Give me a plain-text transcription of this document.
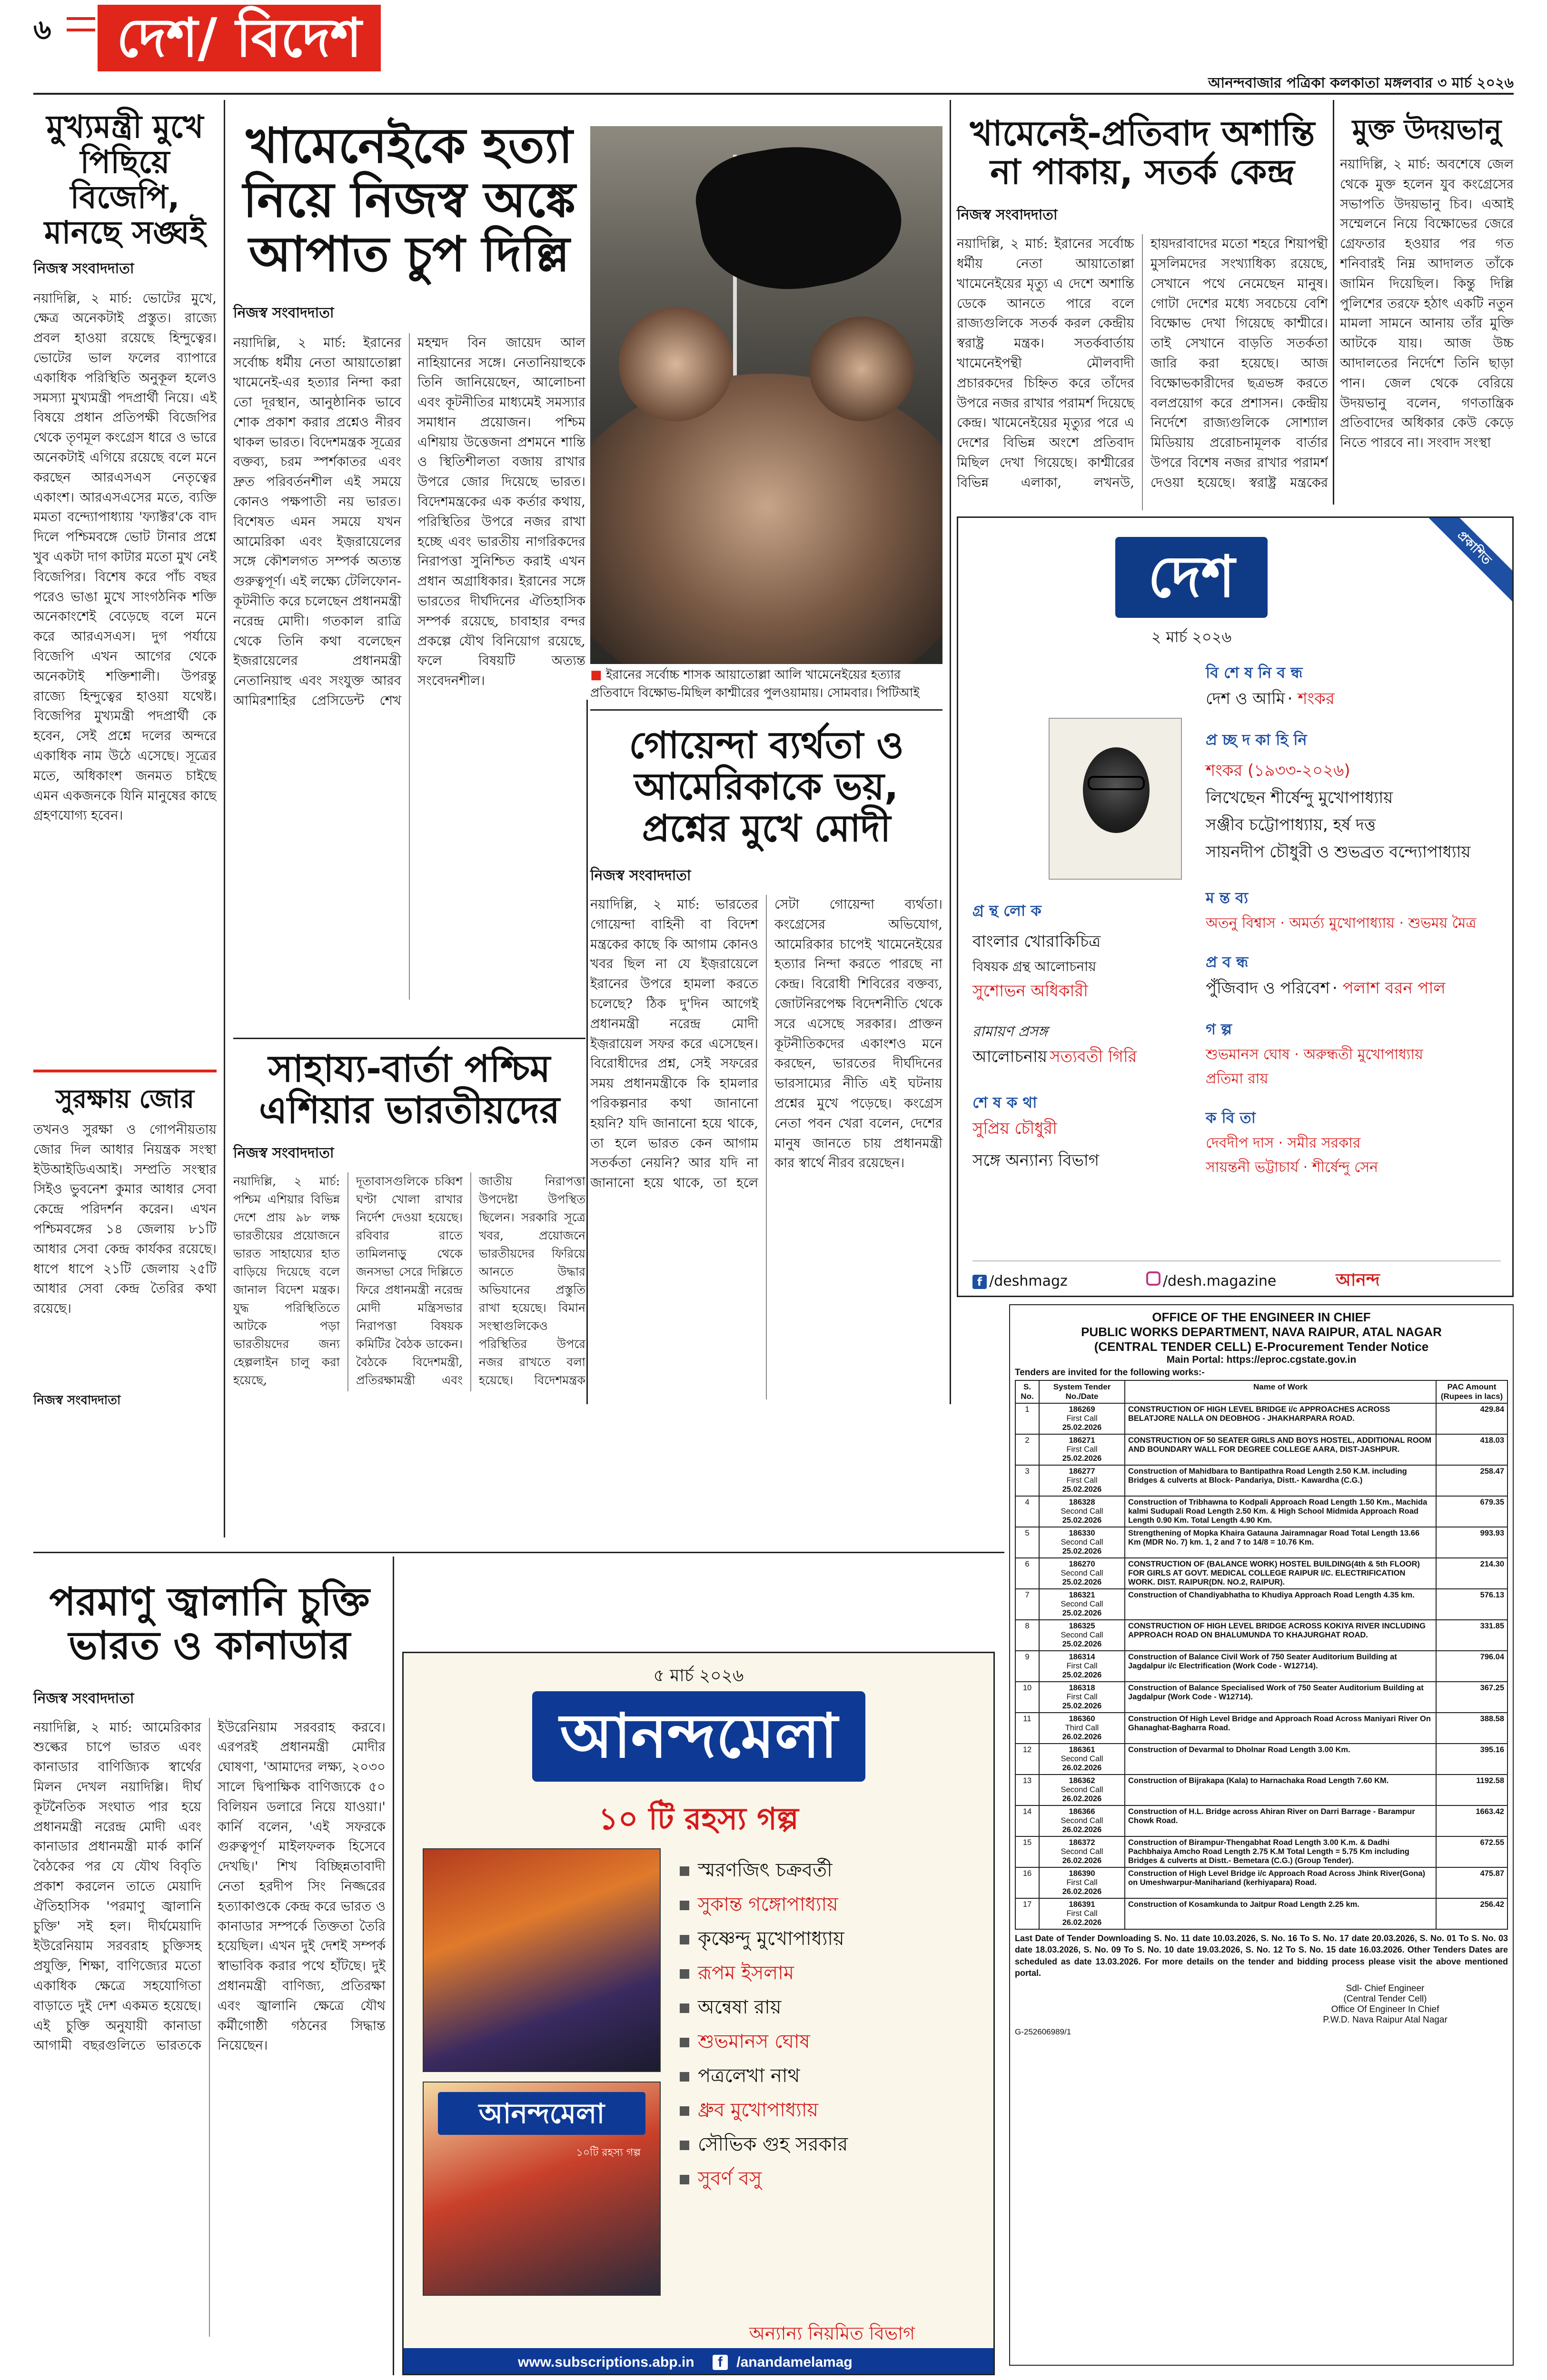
৬	দেশ/ বিদেশ
আনন্দবাজার পত্রিকা কলকাতা মঙ্গলবার ৩ মার্চ ২০২৬
মুখ্যমন্ত্রী মুখে পিছিয়ে বিজেপি, মানছে সঙ্ঘই
নিজস্ব সংবাদদাতা
নয়াদিল্লি, ২ মার্চ: ভোটের মুখে, ক্ষেত্র অনেকটাই প্রস্তুত। রাজ্যে প্রবল হাওয়া রয়েছে হিন্দুত্বের। ভোটের ভাল ফলের ব্যাপারে একাধিক পরিস্থিতি অনুকূল হলেও সমস্যা মুখ্যমন্ত্রী পদপ্রার্থী নিয়ে। এই বিষয়ে প্রধান প্রতিপক্ষী বিজেপির থেকে তৃণমূল কংগ্রেস ধারে ও ভারে অনেকটাই এগিয়ে রয়েছে বলে মনে করছেন আরএসএস নেতৃত্বের একাংশ। আরএসএসের মতে, ব্যক্তি মমতা বন্দ্যোপাধ্যায় 'ফ্যাক্টর'কে বাদ দিলে পশ্চিমবঙ্গে ভোট টানার প্রশ্নে খুব একটা দাগ কাটার মতো মুখ নেই বিজেপির। বিশেষ করে পাঁচ বছর পরেও ভাঙা মুখে সাংগঠনিক শক্তি অনেকাংশেই বেড়েছে বলে মনে করে আরএসএস। দুগ পর্যায়ে বিজেপি এখন আগের থেকে অনেকটাই শক্তিশালী। উপরন্তু রাজ্যে হিন্দুত্বের হাওয়া যথেষ্ট। বিজেপির মুখ্যমন্ত্রী পদপ্রার্থী কে হবেন, সেই প্রশ্নে দলের অন্দরে একাধিক নাম উঠে এসেছে। সূত্রের মতে, অধিকাংশ জনমত চাইছে এমন একজনকে যিনি মানুষের কাছে গ্রহণযোগ্য হবেন।
সুরক্ষায় জোর
তখনও সুরক্ষা ও গোপনীয়তায় জোর দিল আধার নিয়ন্ত্রক সংস্থা ইউআইডিএআই। সম্প্রতি সংস্থার সিইও ভুবনেশ কুমার আধার সেবা কেন্দ্রে পরিদর্শন করেন। এখন পশ্চিমবঙ্গের ১৪ জেলায় ৮১টি আধার সেবা কেন্দ্র কার্যকর রয়েছে। ধাপে ধাপে ২১টি জেলায় ২৫টি আধার সেবা কেন্দ্র তৈরির কথা রয়েছে।
নিজস্ব সংবাদদাতা
খামেনেইকে হত্যা নিয়ে নিজস্ব অঙ্কে আপাত চুপ দিল্লি
নিজস্ব সংবাদদাতা
নয়াদিল্লি, ২ মার্চ: ইরানের সর্বোচ্চ ধর্মীয় নেতা আয়াতোল্লা খামেনেই-এর হত্যার নিন্দা করা তো দূরস্থান, আনুষ্ঠানিক ভাবে শোক প্রকাশ করার প্রশ্নেও নীরব থাকল ভারত। বিদেশমন্ত্রক সূত্রের বক্তব্য, চরম স্পর্শকাতর এবং দ্রুত পরিবর্তনশীল এই সময়ে কোনও পক্ষপাতী নয় ভারত। বিশেষত এমন সময়ে যখন আমেরিকা এবং ইজ়রায়েলের সঙ্গে কৌশলগত সম্পর্ক অত্যন্ত গুরুত্বপূর্ণ। এই লক্ষ্যে টেলিফোন-কূটনীতি করে চলেছেন প্রধানমন্ত্রী নরেন্দ্র মোদী। গতকাল রাত্রি থেকে তিনি কথা বলেছেন ইজরায়েলের প্রধানমন্ত্রী নেতানিয়াহু এবং সংযুক্ত আরব আমিরশাহির প্রেসিডেন্ট শেখ মহম্মদ বিন জায়েদ আল নাহিয়ানের সঙ্গে। নেতানিয়াহুকে তিনি জানিয়েছেন, আলোচনা এবং কূটনীতির মাধ্যমেই সমস্যার সমাধান প্রয়োজন। পশ্চিম এশিয়ায় উত্তেজনা প্রশমনে শান্তি ও স্থিতিশীলতা বজায় রাখার উপরে জোর দিয়েছে ভারত। বিদেশমন্ত্রকের এক কর্তার কথায়, পরিস্থিতির উপরে নজর রাখা হচ্ছে এবং ভারতীয় নাগরিকদের নিরাপত্তা সুনিশ্চিত করাই এখন প্রধান অগ্রাধিকার। ইরানের সঙ্গে ভারতের দীর্ঘদিনের ঐতিহাসিক সম্পর্ক রয়েছে, চাবাহার বন্দর প্রকল্পে যৌথ বিনিয়োগ রয়েছে, ফলে বিষয়টি অত্যন্ত সংবেদনশীল।	■ ইরানের সর্বোচ্চ শাসক আয়াতোল্লা আলি খামেনেইয়ের হত্যার প্রতিবাদে বিক্ষোভ-মিছিল কাশ্মীরের পুলওয়ামায়। সোমবার। পিটিআই
খামেনেই-প্রতিবাদ অশান্তি না পাকায়, সতর্ক কেন্দ্র
নিজস্ব সংবাদদাতা
নয়াদিল্লি, ২ মার্চ: ইরানের সর্বোচ্চ ধর্মীয় নেতা আয়াতোল্লা খামেনেইয়ের মৃত্যু এ দেশে অশান্তি ডেকে আনতে পারে বলে রাজ্যগুলিকে সতর্ক করল কেন্দ্রীয় স্বরাষ্ট্র মন্ত্রক। সতর্কবার্তায় খামেনেইপন্থী মৌলবাদী প্রচারকদের চিহ্নিত করে তাঁদের উপরে নজর রাখার পরামর্শ দিয়েছে কেন্দ্র। খামেনেইয়ের মৃত্যুর পরে এ দেশের বিভিন্ন অংশে প্রতিবাদ মিছিল দেখা গিয়েছে। কাশ্মীরের বিভিন্ন এলাকা, লখনউ, হায়দরাবাদের মতো শহরে শিয়াপন্থী মুসলিমদের সংখ্যাধিক্য রয়েছে, সেখানে পথে নেমেছেন মানুষ। গোটা দেশের মধ্যে সবচেয়ে বেশি বিক্ষোভ দেখা গিয়েছে কাশ্মীরে। তাই সেখানে বাড়তি সতর্কতা জারি করা হয়েছে। আজ বিক্ষোভকারীদের ছত্রভঙ্গ করতে বলপ্রয়োগ করে প্রশাসন। কেন্দ্রীয় নির্দেশে রাজ্যগুলিকে সোশ্যাল মিডিয়ায় প্ররোচনামূলক বার্তার উপরে বিশেষ নজর রাখার পরামর্শ দেওয়া হয়েছে। স্বরাষ্ট্র মন্ত্রকের
মুক্ত উদয়ভানু
নয়াদিল্লি, ২ মার্চ: অবশেষে জেল থেকে মুক্ত হলেন যুব কংগ্রেসের সভাপতি উদয়ভানু চিব। এআই সম্মেলনে নিয়ে বিক্ষোভের জেরে গ্রেফতার হওয়ার পর গত শনিবারই নিম্ন আদালত তাঁকে জামিন দিয়েছিল। কিন্তু দিল্লি পুলিশের তরফে হঠাৎ একটি নতুন মামলা সামনে আনায় তাঁর মুক্তি আটকে যায়। আজ উচ্চ আদালতের নির্দেশে তিনি ছাড়া পান। জেল থেকে বেরিয়ে উদয়ভানু বলেন, গণতান্ত্রিক প্রতিবাদের অধিকার কেউ কেড়ে নিতে পারবে না। সংবাদ সংস্থা
প্রকাশিত
দেশ
২ মার্চ ২০২৬
গ্র ন্থ লো ক
বাংলার খোরাকিচিত্র
বিষয়ক গ্রন্থ আলোচনায়
সুশোভন অধিকারী
রামায়ণ প্রসঙ্গ
আলোচনায় সত্যবতী গিরি
শে ষ ক থা
সুপ্রিয় চৌধুরী
সঙ্গে অন্যান্য বিভাগ
বি শে ষ নি ব ন্ধ
দেশ ও আমি · শংকর
প্র চ্ছ দ কা হি নি
শংকর (১৯৩৩-২০২৬)
লিখেছেন শীর্ষেন্দু মুখোপাধ্যায়
সঞ্জীব চট্টোপাধ্যায়, হর্ষ দত্ত
সায়নদীপ চৌধুরী ও শুভব্রত বন্দ্যোপাধ্যায়
ম ন্ত ব্য
অতনু বিশ্বাস · অমর্ত্য মুখোপাধ্যায় · শুভময় মৈত্র
প্র ব ন্ধ
পুঁজিবাদ ও পরিবেশ · পলাশ বরন পাল
গ ল্প
শুভমানস ঘোষ · অরুন্ধতী মুখোপাধ্যায়
প্রতিমা রায়
ক বি তা
দেবদীপ দাস · সমীর সরকার
সায়ন্তনী ভট্টাচার্য · শীর্ষেন্দু সেন
f /deshmagz	/desh.magazine	আনন্দ
গোয়েন্দা ব্যর্থতা ও আমেরিকাকে ভয়, প্রশ্নের মুখে মোদী
নিজস্ব সংবাদদাতা
নয়াদিল্লি, ২ মার্চ: ভারতের গোয়েন্দা বাহিনী বা বিদেশ মন্ত্রকের কাছে কি আগাম কোনও খবর ছিল না যে ইজ়রায়েলে ইরানের উপরে হামলা করতে চলেছে? ঠিক দু'দিন আগেই প্রধানমন্ত্রী নরেন্দ্র মোদী ইজ়রায়েল সফর করে এসেছেন। বিরোধীদের প্রশ্ন, সেই সফরের সময় প্রধানমন্ত্রীকে কি হামলার পরিকল্পনার কথা জানানো হয়নি? যদি জানানো হয়ে থাকে, তা হলে ভারত কেন আগাম সতর্কতা নেয়নি? আর যদি না জানানো হয়ে থাকে, তা হলে সেটা গোয়েন্দা ব্যর্থতা। কংগ্রেসের অভিযোগ, আমেরিকার চাপেই খামেনেইয়ের হত্যার নিন্দা করতে পারছে না কেন্দ্র। বিরোধী শিবিরের বক্তব্য, জোটনিরপেক্ষ বিদেশনীতি থেকে সরে এসেছে সরকার। প্রাক্তন কূটনীতিকদের একাংশও মনে করছেন, ভারতের দীর্ঘদিনের ভারসাম্যের নীতি এই ঘটনায় প্রশ্নের মুখে পড়েছে। কংগ্রেস নেতা পবন খেরা বলেন, দেশের মানুষ জানতে চায় প্রধানমন্ত্রী কার স্বার্থে নীরব রয়েছেন।
সাহায্য-বার্তা পশ্চিম এশিয়ার ভারতীয়দের
নিজস্ব সংবাদদাতা
নয়াদিল্লি, ২ মার্চ: পশ্চিম এশিয়ার বিভিন্ন দেশে প্রায় ৯৮ লক্ষ ভারতীয়ের প্রয়োজনে ভারত সাহায্যের হাত বাড়িয়ে দিয়েছে বলে জানাল বিদেশ মন্ত্রক। যুদ্ধ পরিস্থিতিতে আটকে পড়া ভারতীয়দের জন্য হেল্পলাইন চালু করা হয়েছে, দূতাবাসগুলিকে চব্বিশ ঘণ্টা খোলা রাখার নির্দেশ দেওয়া হয়েছে। রবিবার রাতে তামিলনাড়ু থেকে জনসভা সেরে দিল্লিতে ফিরে প্রধানমন্ত্রী নরেন্দ্র মোদী মন্ত্রিসভার নিরাপত্তা বিষয়ক কমিটির বৈঠক ডাকেন। বৈঠকে বিদেশমন্ত্রী, প্রতিরক্ষামন্ত্রী এবং জাতীয় নিরাপত্তা উপদেষ্টা উপস্থিত ছিলেন। সরকারি সূত্রে খবর, প্রয়োজনে ভারতীয়দের ফিরিয়ে আনতে উদ্ধার অভিযানের প্রস্তুতি রাখা হয়েছে। বিমান সংস্থাগুলিকেও পরিস্থিতির উপরে নজর রাখতে বলা হয়েছে। বিদেশমন্ত্রক
OFFICE OF THE ENGINEER IN CHIEF
PUBLIC WORKS DEPARTMENT, NAVA RAIPUR, ATAL NAGAR
(CENTRAL TENDER CELL) E-Procurement Tender Notice
Main Portal: https://eproc.cgstate.gov.in
Tenders are invited for the following works:-
S. No.	System Tender No./Date	Name of Work	PAC Amount (Rupees in lacs)
1	186269
First Call
25.02.2026	CONSTRUCTION OF HIGH LEVEL BRIDGE i/c APPROACHES ACROSS BELATJORE NALLA ON DEOBHOG - JHAKHARPARA ROAD.	429.84
2	186271
First Call
25.02.2026	CONSTRUCTION OF 50 SEATER GIRLS AND BOYS HOSTEL, ADDITIONAL ROOM AND BOUNDARY WALL FOR DEGREE COLLEGE AARA, DIST-JASHPUR.	418.03
3	186277
First Call
25.02.2026	Construction of Mahidbara to Bantipathra Road Length 2.50 K.M. including Bridges & culverts at Block- Pandariya, Distt.- Kawardha (C.G.)	258.47
4	186328
Second Call
25.02.2026	Construction of Tribhawna to Kodpali Approach Road Length 1.50 Km., Machida kalmi Sudupali Road Length 2.50 Km. & High School Midmida Approach Road Length 0.90 Km. Total Length 4.90 Km.	679.35
5	186330
Second Call
25.02.2026	Strengthening of Mopka Khaira Gatauna Jairamnagar Road Total Length 13.66 Km (MDR No. 7) km. 1, 2 and 7 to 14/8 = 10.76 Km.	993.93
6	186270
Second Call
25.02.2026	CONSTRUCTION OF (BALANCE WORK) HOSTEL BUILDING(4th & 5th FLOOR) FOR GIRLS AT GOVT. MEDICAL COLLEGE RAIPUR I/C. ELECTRIFICATION WORK. DIST. RAIPUR(DN. NO.2, RAIPUR).	214.30
7	186321
Second Call
25.02.2026	Construction of Chandiyabhatha to Khudiya Approach Road Length 4.35 km.	576.13
8	186325
Second Call
25.02.2026	CONSTRUCTION OF HIGH LEVEL BRIDGE ACROSS KOKIYA RIVER INCLUDING APPROACH ROAD ON BHALUMUNDA TO KHAJURGHAT ROAD.	331.85
9	186314
First Call
25.02.2026	Construction of Balance Civil Work of 750 Seater Auditorium Building at Jagdalpur i/c Electrification (Work Code - W12714).	796.04
10	186318
First Call
25.02.2026	Construction of Balance Specialised Work of 750 Seater Auditorium Building at Jagdalpur (Work Code - W12714).	367.25
11	186360
Third Call
26.02.2026	Construction Of High Level Bridge and Approach Road Across Maniyari River On Ghanaghat-Bagharra Road.	388.58
12	186361
Second Call
26.02.2026	Construction of Devarmal to Dholnar Road Length 3.00 Km.	395.16
13	186362
Second Call
26.02.2026	Construction of Bijrakapa (Kala) to Harnachaka Road Length 7.60 KM.	1192.58
14	186366
Second Call
26.02.2026	Construction of H.L. Bridge across Ahiran River on Darri Barrage - Barampur Chowk Road.	1663.42
15	186372
Second Call
26.02.2026	Construction of Birampur-Thengabhat Road Length 3.00 K.m. & Dadhi Pachbhaiya Amcho Road Length 2.75 K.M Total Length = 5.75 Km including Bridges & culverts at Distt.- Bemetara (C.G.) (Group Tender).	672.55
16	186390
First Call
26.02.2026	Construction of High Level Bridge i/c Approach Road Across Jhink River(Gona) on Umeshwarpur-Manihariand (kerhiyapara) Road.	475.87
17	186391
First Call
26.02.2026	Construction of Kosamkunda to Jaitpur Road Length 2.25 km.	256.42
Last Date of Tender Downloading S. No. 11 date 10.03.2026, S. No. 16 To S. No. 17 date 20.03.2026, S. No. 01 To S. No. 03 date 18.03.2026, S. No. 09 To S. No. 10 date 19.03.2026, S. No. 12 To S. No. 15 date 16.03.2026. Other Tenders Dates are scheduled as date 13.03.2026. For more details on the tender and bidding process please visit the above mentioned portal.
Sdl- Chief Engineer
(Central Tender Cell)
Office Of Engineer In Chief
P.W.D. Nava Raipur Atal Nagar
G-252606989/1
পরমাণু জ্বালানি চুক্তি ভারত ও কানাডার
নিজস্ব সংবাদদাতা
নয়াদিল্লি, ২ মার্চ: আমেরিকার শুল্কের চাপে ভারত এবং কানাডার বাণিজ্যিক স্বার্থের মিলন দেখল নয়াদিল্লি। দীর্ঘ কূটনৈতিক সংঘাত পার হয়ে প্রধানমন্ত্রী নরেন্দ্র মোদী এবং কানাডার প্রধানমন্ত্রী মার্ক কার্নি বৈঠকের পর যে যৌথ বিবৃতি প্রকাশ করলেন তাতে মেয়াদি ঐতিহাসিক 'পরমাণু জ্বালানি চুক্তি' সই হল। দীর্ঘমেয়াদি ইউরেনিয়াম সরবরাহ চুক্তিসহ প্রযুক্তি, শিক্ষা, বাণিজ্যের মতো একাধিক ক্ষেত্রে সহযোগিতা বাড়াতে দুই দেশ একমত হয়েছে। এই চুক্তি অনুযায়ী কানাডা আগামী বছরগুলিতে ভারতকে ইউরেনিয়াম সরবরাহ করবে। এরপরই প্রধানমন্ত্রী মোদীর ঘোষণা, 'আমাদের লক্ষ্য, ২০৩০ সালে দ্বিপাক্ষিক বাণিজ্যকে ৫০ বিলিয়ন ডলারে নিয়ে যাওয়া।' কার্নি বলেন, 'এই সফরকে গুরুত্বপূর্ণ মাইলফলক হিসেবে দেখছি।' শিখ বিচ্ছিন্নতাবাদী নেতা হরদীপ সিং নিজ্জরের হত্যাকাণ্ডকে কেন্দ্র করে ভারত ও কানাডার সম্পর্কে তিক্ততা তৈরি হয়েছিল। এখন দুই দেশই সম্পর্ক স্বাভাবিক করার পথে হাঁটছে। দুই প্রধানমন্ত্রী বাণিজ্য, প্রতিরক্ষা এবং জ্বালানি ক্ষেত্রে যৌথ কর্মীগোষ্ঠী গঠনের সিদ্ধান্ত নিয়েছেন।
৫ মার্চ ২০২৬
আনন্দমেলা
১০ টি রহস্য গল্প
আনন্দমেলা
১০টি রহস্য গল্প
স্মরণজিৎ চক্রবর্তী
সুকান্ত গঙ্গোপাধ্যায়
কৃষ্ণেন্দু মুখোপাধ্যায়
রূপম ইসলাম
অন্বেষা রায়
শুভমানস ঘোষ
পত্রলেখা নাথ
ধ্রুব মুখোপাধ্যায়
সৌভিক গুহ সরকার
সুবর্ণ বসু
অন্যান্য নিয়মিত বিভাগ
www.subscriptions.abp.in f /anandamelamag
